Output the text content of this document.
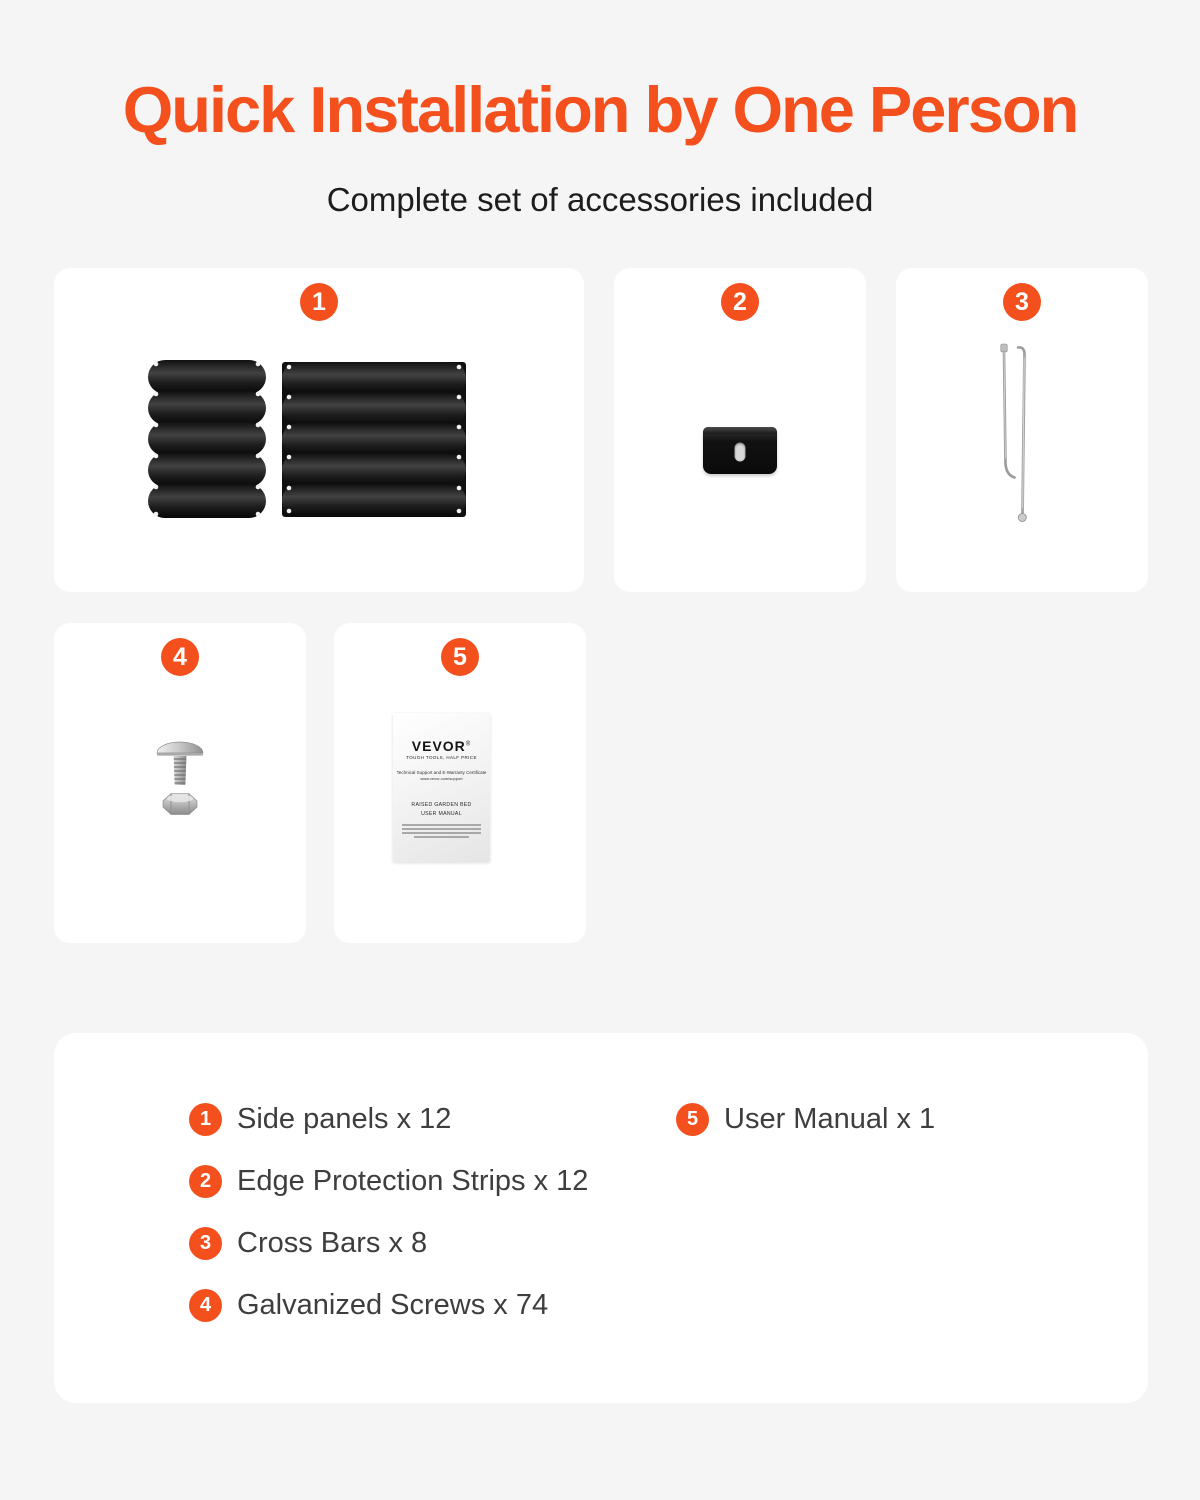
Quick Installation by One Person

Complete set of accessories included

1	2	3
4	5
VEVOR®
TOUGH TOOLS, HALF PRICE
Technical Support and E-Warranty Certificate
www.vevor.com/support
RAISED GARDEN BED
USER MANUAL
1 Side panels x 12
2 Edge Protection Strips x 12
3 Cross Bars x 8
4 Galvanized Screws x 74
5 User Manual x 1
